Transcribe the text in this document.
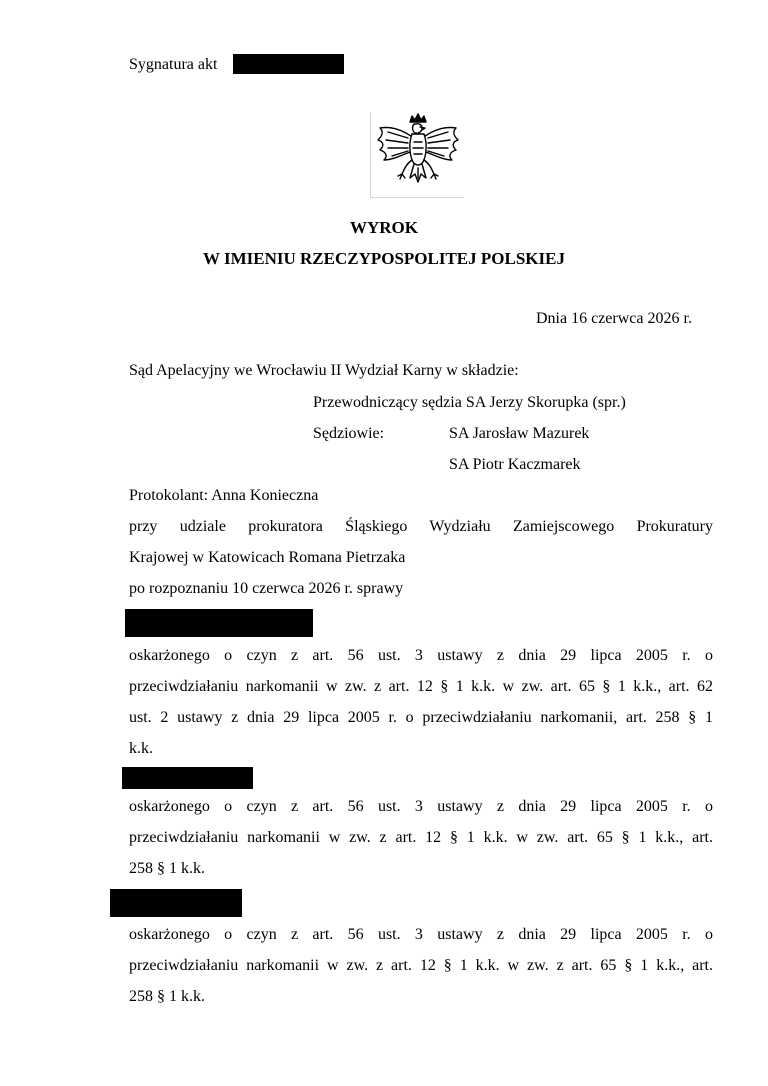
Sygnatura akt
WYROK
W IMIENIU RZECZYPOSPOLITEJ POLSKIEJ
Dnia 16 czerwca 2026 r.
Sąd Apelacyjny we Wrocławiu II Wydział Karny w składzie:
Przewodniczący sędzia SA Jerzy Skorupka (spr.)
Sędziowie:	SA Jarosław Mazurek
SA Piotr Kaczmarek
Protokolant: Anna Konieczna
przy udziale prokuratora Śląskiego Wydziału Zamiejscowego Prokuratury
Krajowej w Katowicach Romana Pietrzaka
po rozpoznaniu 10 czerwca 2026 r. sprawy
oskarżonego o czyn z art. 56 ust. 3 ustawy z dnia 29 lipca 2005 r. o
przeciwdziałaniu narkomanii w zw. z art. 12 § 1 k.k. w zw. art. 65 § 1 k.k., art. 62
ust. 2 ustawy z dnia 29 lipca 2005 r. o przeciwdziałaniu narkomanii, art. 258 § 1
k.k.
oskarżonego o czyn z art. 56 ust. 3 ustawy z dnia 29 lipca 2005 r. o
przeciwdziałaniu narkomanii w zw. z art. 12 § 1 k.k. w zw. art. 65 § 1 k.k., art.
258 § 1 k.k.
oskarżonego o czyn z art. 56 ust. 3 ustawy z dnia 29 lipca 2005 r. o
przeciwdziałaniu narkomanii w zw. z art. 12 § 1 k.k. w zw. z art. 65 § 1 k.k., art.
258 § 1 k.k.
